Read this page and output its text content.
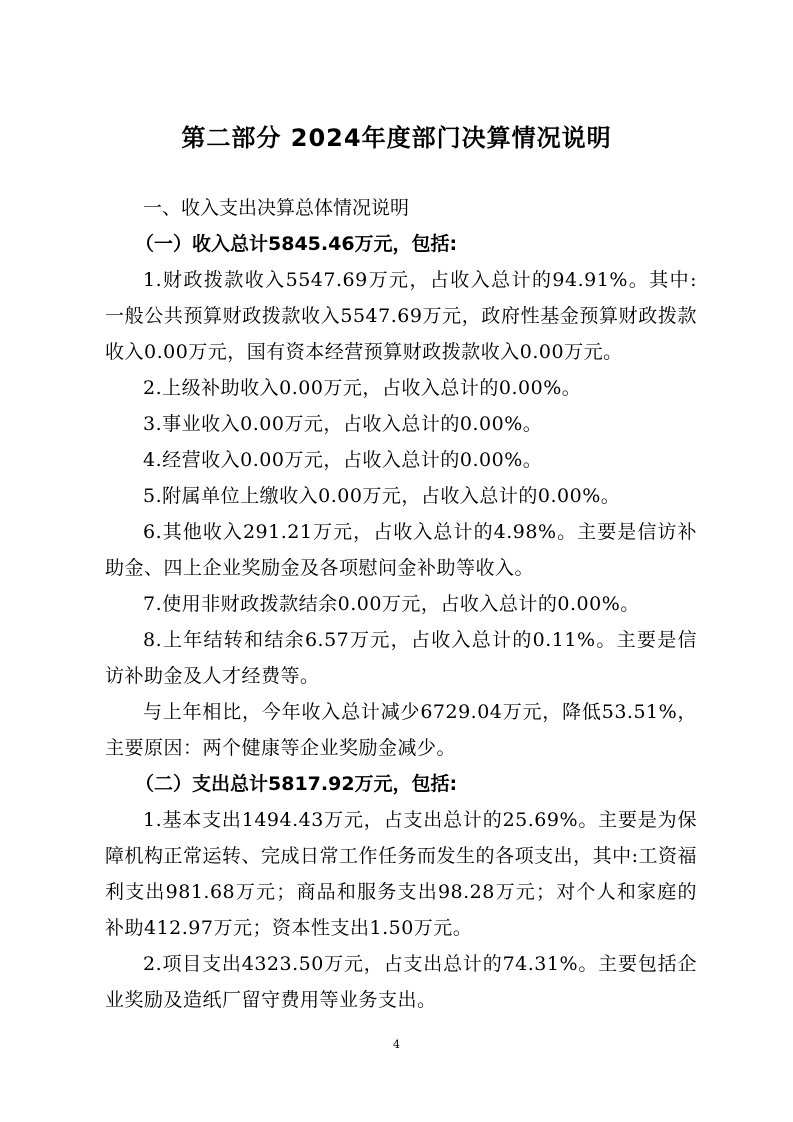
第二部分 2024年度部门决算情况说明
一、收入支出决算总体情况说明
（一）收入总计5845.46万元，包括:
1.财政拨款收入5547.69万元，占收入总计的94.91%。其中:一般公共预算财政拨款收入5547.69万元，政府性基金预算财政拨款收入0.00万元，国有资本经营预算财政拨款收入0.00万元。
2.上级补助收入0.00万元，占收入总计的0.00%。
3.事业收入0.00万元，占收入总计的0.00%。
4.经营收入0.00万元，占收入总计的0.00%。
5.附属单位上缴收入0.00万元，占收入总计的0.00%。
6.其他收入291.21万元，占收入总计的4.98%。主要是信访补助金、四上企业奖励金及各项慰问金补助等收入。
7.使用非财政拨款结余0.00万元，占收入总计的0.00%。
8.上年结转和结余6.57万元，占收入总计的0.11%。主要是信访补助金及人才经费等。
与上年相比，今年收入总计减少6729.04万元，降低53.51%，主要原因：两个健康等企业奖励金减少。
（二）支出总计5817.92万元，包括:
1.基本支出1494.43万元，占支出总计的25.69%。主要是为保障机构正常运转、完成日常工作任务而发生的各项支出，其中:工资福利支出981.68万元；商品和服务支出98.28万元；对个人和家庭的补助412.97万元；资本性支出1.50万元。
2.项目支出4323.50万元，占支出总计的74.31%。主要包括企业奖励及造纸厂留守费用等业务支出。
4
